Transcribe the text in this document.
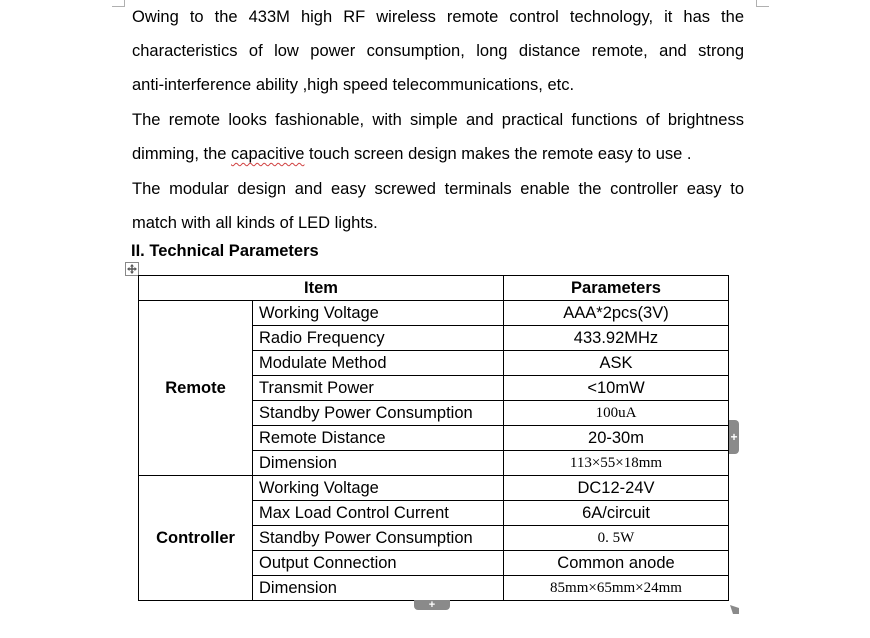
Owing to the 433M high RF wireless remote control technology, it has the
characteristics of low power consumption, long distance remote, and strong
anti-interference ability ,high speed telecommunications, etc.
The remote looks fashionable, with simple and practical functions of brightness
dimming, the capacitive touch screen design makes the remote easy to use .
The modular design and easy screwed terminals enable the controller easy to
match with all kinds of LED lights.
II. Technical Parameters
Item		Parameters
Remote	Working Voltage	AAA*2pcs(3V)
	Radio Frequency	433.92MHz
	Modulate Method	ASK
	Transmit Power	<10mW
	Standby Power Consumption	100uA
	Remote Distance	20-30m
	Dimension	113×55×18mm
Controller	Working Voltage	DC12-24V
	Max Load Control Current	6A/circuit
	Standby Power Consumption	0. 5W
	Output Connection	Common anode
	Dimension	85mm×65mm×24mm
+
+
